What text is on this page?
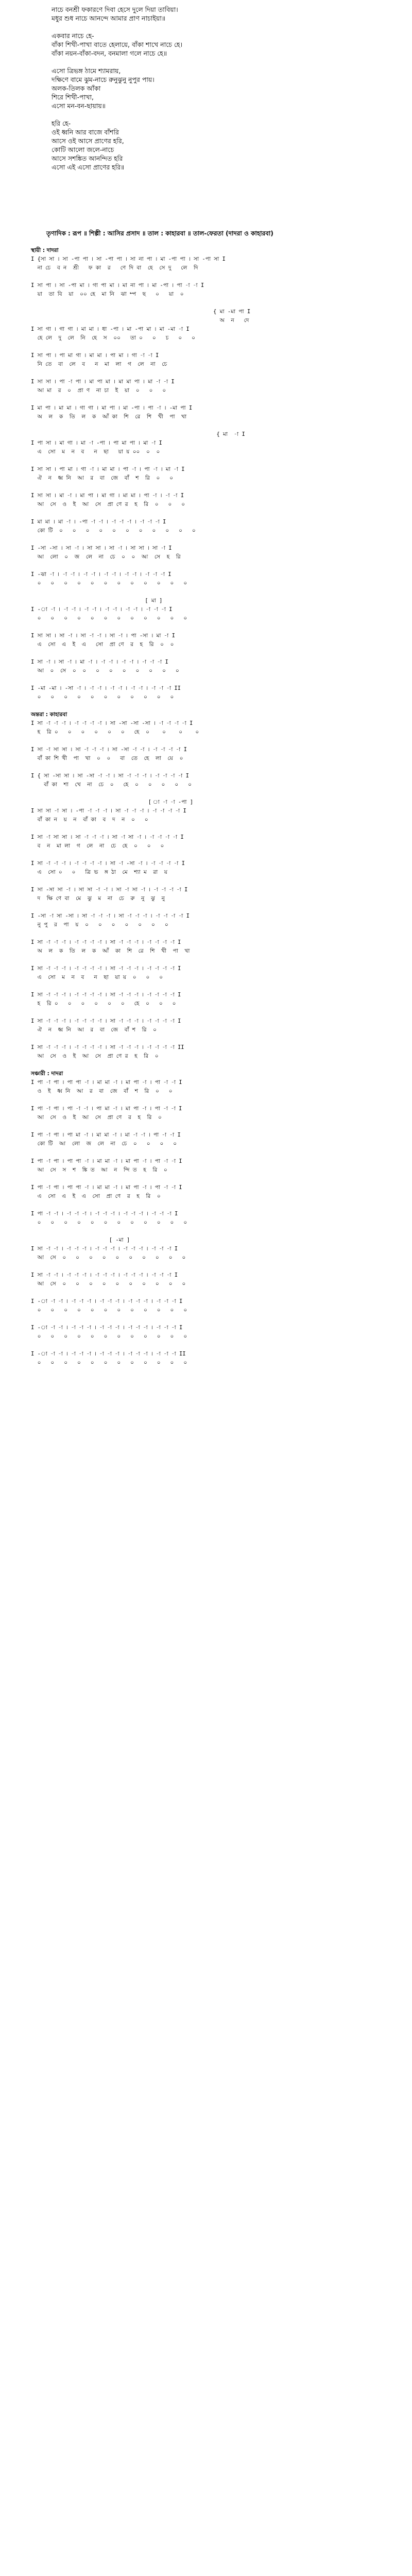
নাচে বনশ্রী ফকারণে দিবা হেসে দুলে দিয়া তাবিয়া।
মধুর শুধ নাচে আনন্দে আমার প্রাণ নাচাইয়া॥
একবার নাচে হে-
বাঁকা শিখী-পাখা বাতে হেলায়ে, বাঁকা শাখে নাচে হে।
বাঁকা নয়ন-বাঁকা-বদন, বনমালা গলে নাচে হে॥
এসো ত্রিভঙ্গ ঠামে শ্যামরায়,
দক্ষিণে বামে ঝুম-নাচে রুনুঝুনু নুপুর পায়।
অলক-তিলক আঁকা
শিরে শিখী-পাখা,
এসো মন-বন-ছায়ায়॥
হরি হে-
ওই ধ্বনি আর বাজে বাঁশরি
আসে ওই আসে প্রাণের হরি,
কোটি আলো জলে-নাচে
আসে সশঙ্কিত আনন্দিত হরি
এসো এই এসো প্রাণের হরি॥
তৃণাদিক : রূপ ॥ শিল্পী : আসির প্রসাদ ॥ তাল : কাহারবা ॥ তাল-ফেরতা (দাদরা ও কাহারবা)
স্থায়ী : দাদরা
I {সা সা । সা -পা পা । সা -পা পা । সা না পা । মা -পা পা । সা -পা সা I
না চে  ব ন  শ্রী   ফ কা  র   ণে দি বা  হে  সে দু   লে  দি
I সা পা । সা -পা মা । গা পা মা । মা না পা । মা -পা । পা -া -া I
য়া  তা বি  য়া  ০০ হে  মা নি  ঝা ম্প  ছ   ০   য়া  ০
{ মা -মা পা I
অ  ন   দে
I সা গা । গা গা । মা মা । ধা -পা । মা -পা মা । মা -মা -া I
হে লে  দু  লে  নি  হে  স  ০০   তা ০   ০   চ   ০   ০
I সা পা । পা মা গা । মা মা । পা মা । গা -া -া I
নি তে  বা  লে  ব   ন  মা  লা  গ  লে  না  চে
I সা সা । পা -া পা । মা পা মা । মা মা পা । মা -া -া I
আ মা  র  ০  প্রা ণ  না চা  ই  য়া  ০   ০   ০
I মা পা । মা মা । গা গা । মা পা । মা -পা । পা -া । -মা পা I
অ  ল  ক  তি  ল  ক  আঁ কা  শি  রে  শি  খী  পা  খা
{ মা  -া I
I পা সা । মা গা । মা -া -পা । পা মা পা । মা -া I
এ  সো  ম  ন  ব   ন  ছা   য়া য় ০০  ০  ০
I সা সা । পা মা । গা -া । মা মা । পা -া । পা -া । মা -া I
ঐ  ন  ধ্ব নি  আ  র  বা  জে  বাঁ  শ  রি  ০   ০
I সা সা । মা -া । মা পা । মা গা । মা মা । পা -া । -া -া I
আ  সে  ও  ই  আ  সে  প্রা ণে র  হ  রি  ০   ০   ০
I মা মা । মা -া । -পা -া -া । -া -া -া । -া -া -া I
কো টি  ০   ০   ০   ০   ০   ০   ০   ০   ০   ০   ০
I -সা -সা । সা -া । সা সা । সা -া । সা সা । সা -া I
আ  লো  ০  জ  লে  না  চে  ০  ০  আ  সে  হ  রি
I -ঝা -া । -া -া । -া -া । -া -া । -া -া । -া -া -া I
০   ০   ০   ০   ০   ০   ০   ০   ০   ০   ০   ০
[ মা ]
I -া -া । -া -া । -া -া । -া -া । -া -া । -া -া -া I
০   ০   ০   ০   ০   ০   ০   ০   ০   ০   ০   ০
I সা সা । সা -া । সা -া -া । সা -া । পা -সা । মা -া I
এ  সো  এ  ই  এ   সো  প্রা ণে  র  হ  রি  ০  ০
I সা -া । সা -া । মা -া । -া -া । -া -া । -া -া -া I
আ  ০  সে  ০  ০   ০   ০   ০   ০   ০   ০   ০
I -মা -মা । -সা -া । -া -া । -া -া । -া -া । -া -া -া II
০   ০   ০   ০   ০   ০   ০   ০   ০   ০   ০
অন্তরা : কাহারবা
I সা -া -া -া । -া -া -া -া । সা -সা -সা -সা । -া -া -া -া I
হ  রি ০   ০   ০   ০   ০   ০   হে  ০    ০    ০    ০
I সা -া সা সা । সা -া -া -া । সা -সা -া -া । -া -া -া -া I
বাঁ কা শি খী  পা  খা  ০  ০   বা  তে  হে  লা  য়ে  ০
I { সা -সা সা । সা -সা -া -া । সা -া -া -া । -া -া -া -া I
বাঁ কা  শা  খে  না  চে  ০   হে  ০   ০   ০   ০   ০
[ া -া -া -পা ]
I সা সা -া সা । -পা -া -া -া । সা -া -া -া । -া -া -া -া I
বাঁ কা ন  য়  ন  বাঁ কা  ব  দ  ন  ০   ০
I সা -া সা সা । সা -া -া -া । সা -া সা -া । -া -া -া -া I
ব  ন  মা লা  গ  লে  না  চে  হে  ০   ০   ০
I সা -া -া -া । -া -া -া -া । সা -া -সা -া । -া -া -া -া I
এ  সো ০   ০   ত্রি ভ  ঙ্গ ঠা  মে  শ্যা ম  রা  য়
I সা -সা সা -া । সা সা -া -া । সা -া সা -া । -া -া -া -া I
দ  ক্ষি ণে বা  মে  ঝু  ম  না  চে  রু  নু  ঝু  নু
I -সা -া সা -সা । সা -া -া -া । সা -া -া -া । -া -া -া -া I
নু পু  র  পা  য়  ০   ০   ০   ০   ০   ০   ০
I সা -া -া -া । -া -া -া -া । সা -া -া -া । -া -া -া -া I
অ  ল  ক  তি  ল  ক  আঁ  কা  শি  রে  শি  খী  পা  খা
I সা -া -া -া । -া -া -া -া । সা -া -া -া । -া -া -া -া I
এ  সো  ম  ন  ব   ন  ছা  য়া য়  ০   ০   ০
I সা -া -া -া । -া -া -া -া । সা -া -া -া । -া -া -া -া I
হ  রি ০   ০   ০   ০   ০   ০   হে  ০   ০   ০
I সা -া -া -া । -া -া -া -া । সা -া -া -া । -া -া -া -া I
ঐ  ন  ধ্ব নি  আ  র  বা  জে  বাঁ শ  রি  ০
I সা -া -া -া । -া -া -া -া । সা -া -া -া । -া -া -া -া II
আ  সে  ও  ই  আ  সে  প্রা ণে র  হ  রি  ০
সঞ্চারী : দাদরা
I পা -া পা । পা পা -া । মা মা -া । মা পা -া । পা -া -া I
ও  ই  ধ্ব নি  আ  র  বা  জে  বাঁ  শ  রি  ০   ০
I পা -া পা । পা -া -া । পা মা -া । মা পা -া । পা -া -া I
আ  সে  ও  ই  আ  সে  প্রা ণে  র  হ  রি  ০
I পা -া পা । পা মা -া । মা মা -া । মা -া -া । পা -া -া I
কো টি  আ  লো  জ  লে  না  চে  ০   ০   ০   ০
I পা -া পা । পা পা -া । মা মা -া । মা পা -া । পা -া -া I
আ  সে  স  শ  ঙ্কি ত  আ  ন  ন্দি ত  হ  রি  ০
I পা -া পা । পা পা -া । মা মা -া । মা পা -া । পা -া -া I
এ  সো  এ  ই  এ  সো  প্রা ণে  র  হ  রি  ০
I পা -া -া । -া -া -া । -া -া -া । -া -া -া । -া -া -া I
০   ০   ০   ০   ০   ০   ০   ০   ০   ০   ০   ০
[ -মা ]
I সা -া -া । -া -া -া । -া -া -া । -া -া -া । -া -া -া I
আ  সে  ০   ০   ০   ০   ০   ০   ০   ০   ০   ০
I সা -া -া । -া -া -া । -া -া -া । -া -া -া । -া -া -া I
আ  সে  ০   ০   ০   ০   ০   ০   ০   ০   ০   ০
I -া -া -া । -া -া -া । -া -া -া । -া -া -া । -া -া -া I
০   ০   ০   ০   ০   ০   ০   ০   ০   ০   ০   ০
I -া -া -া । -া -া -া । -া -া -া । -া -া -া । -া -া -া I
০   ০   ০   ০   ০   ০   ০   ০   ০   ০   ০   ০
I -া -া -া । -া -া -া । -া -া -া । -া -া -া । -া -া -া II
০   ০   ০   ০   ০   ০   ০   ০   ০   ০   ০   ০
